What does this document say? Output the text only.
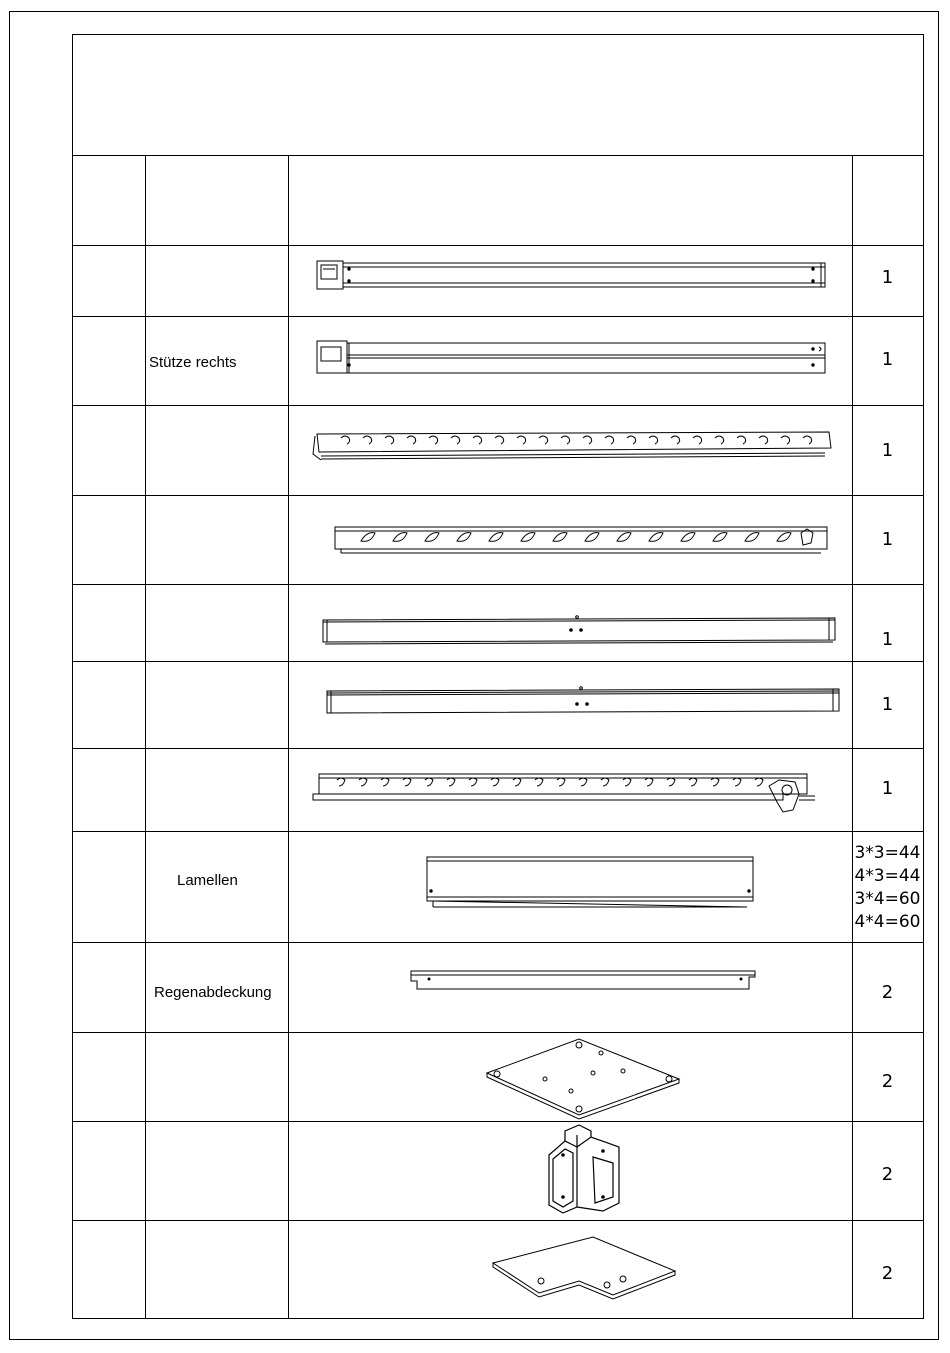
Stütze rechts
Lamellen
Regenabdeckung
1
1
1
1
1
1
1
3*3=44
4*3=44
3*4=60
4*4=60
2
2
2
2
